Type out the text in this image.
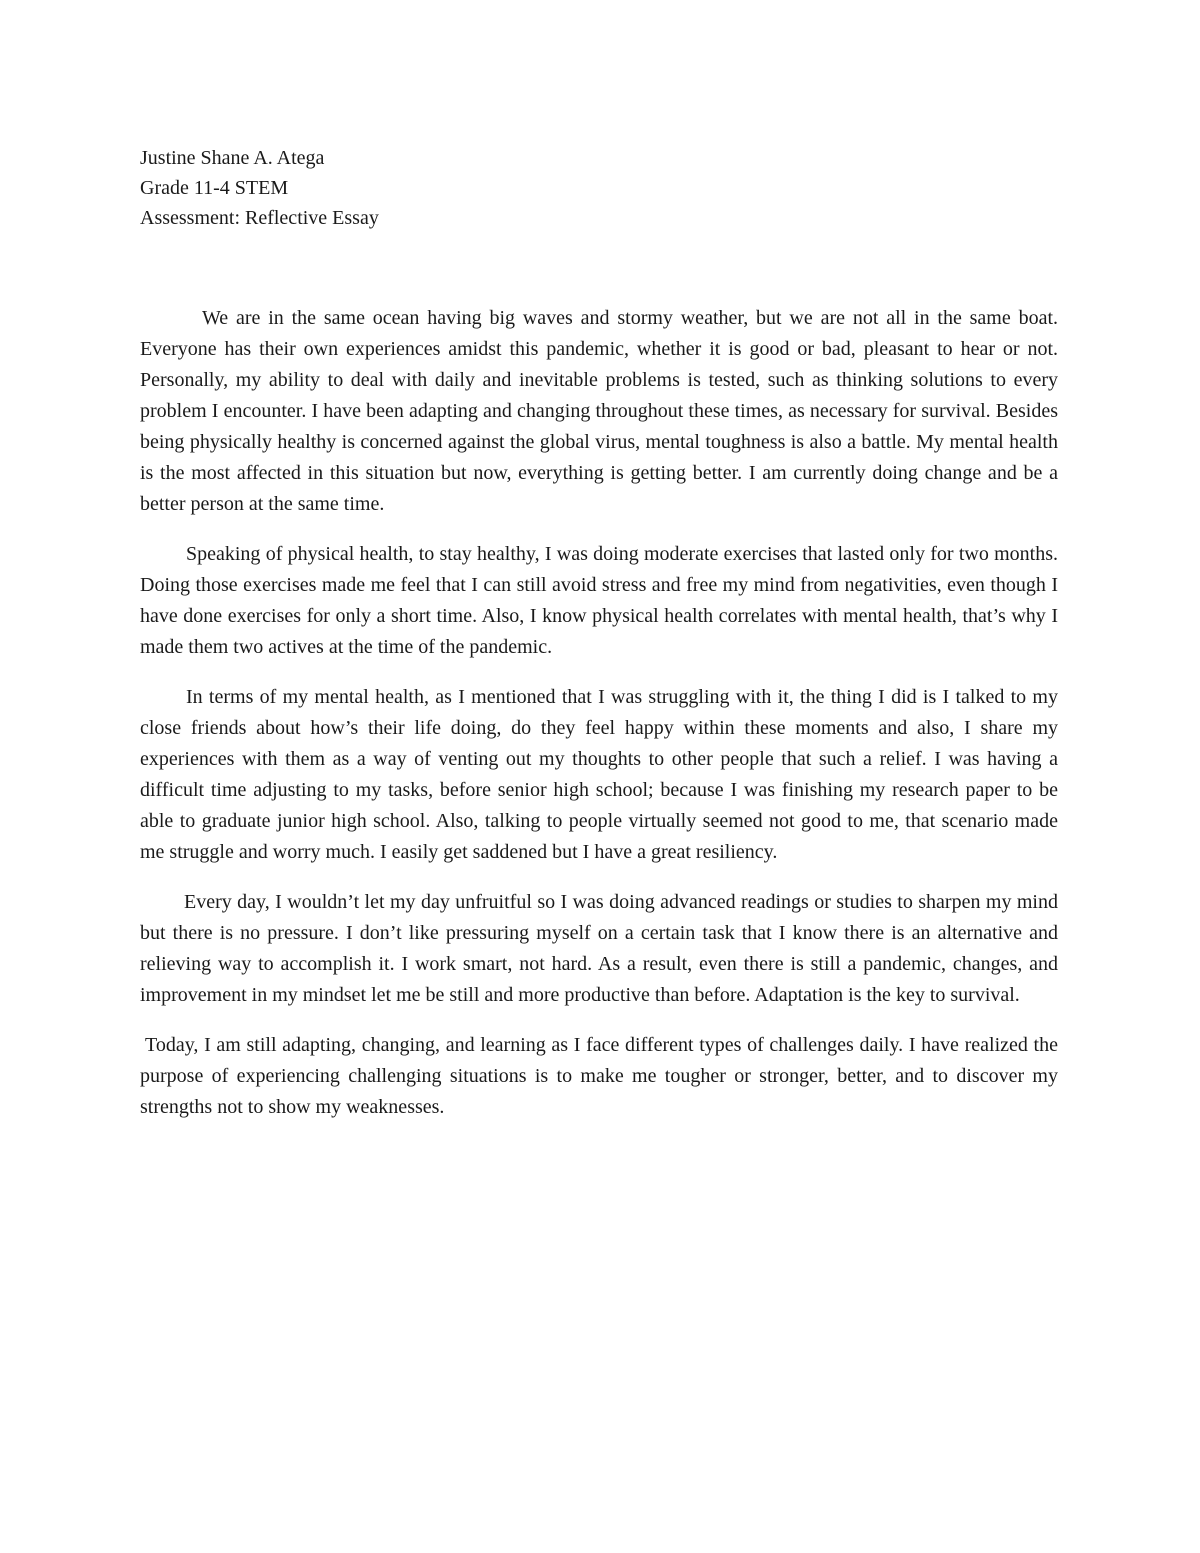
Justine Shane A. Atega
Grade 11-4 STEM
Assessment: Reflective Essay

We are in the same ocean having big waves and stormy weather, but we are not all in the same boat. Everyone has their own experiences amidst this pandemic, whether it is good or bad, pleasant to hear or not. Personally, my ability to deal with daily and inevitable problems is tested, such as thinking solutions to every problem I encounter. I have been adapting and changing throughout these times, as necessary for survival. Besides being physically healthy is concerned against the global virus, mental toughness is also a battle. My mental health is the most affected in this situation but now, everything is getting better. I am currently doing change and be a better person at the same time.

Speaking of physical health, to stay healthy, I was doing moderate exercises that lasted only for two months. Doing those exercises made me feel that I can still avoid stress and free my mind from negativities, even though I have done exercises for only a short time. Also, I know physical health correlates with mental health, that’s why I made them two actives at the time of the pandemic.

In terms of my mental health, as I mentioned that I was struggling with it, the thing I did is I talked to my close friends about how’s their life doing, do they feel happy within these moments and also, I share my experiences with them as a way of venting out my thoughts to other people that such a relief. I was having a difficult time adjusting to my tasks, before senior high school; because I was finishing my research paper to be able to graduate junior high school. Also, talking to people virtually seemed not good to me, that scenario made me struggle and worry much. I easily get saddened but I have a great resiliency.

Every day, I wouldn’t let my day unfruitful so I was doing advanced readings or studies to sharpen my mind but there is no pressure. I don’t like pressuring myself on a certain task that I know there is an alternative and relieving way to accomplish it. I work smart, not hard. As a result, even there is still a pandemic, changes, and improvement in my mindset let me be still and more productive than before. Adaptation is the key to survival.

Today, I am still adapting, changing, and learning as I face different types of challenges daily. I have realized the purpose of experiencing challenging situations is to make me tougher or stronger, better, and to discover my strengths not to show my weaknesses.
